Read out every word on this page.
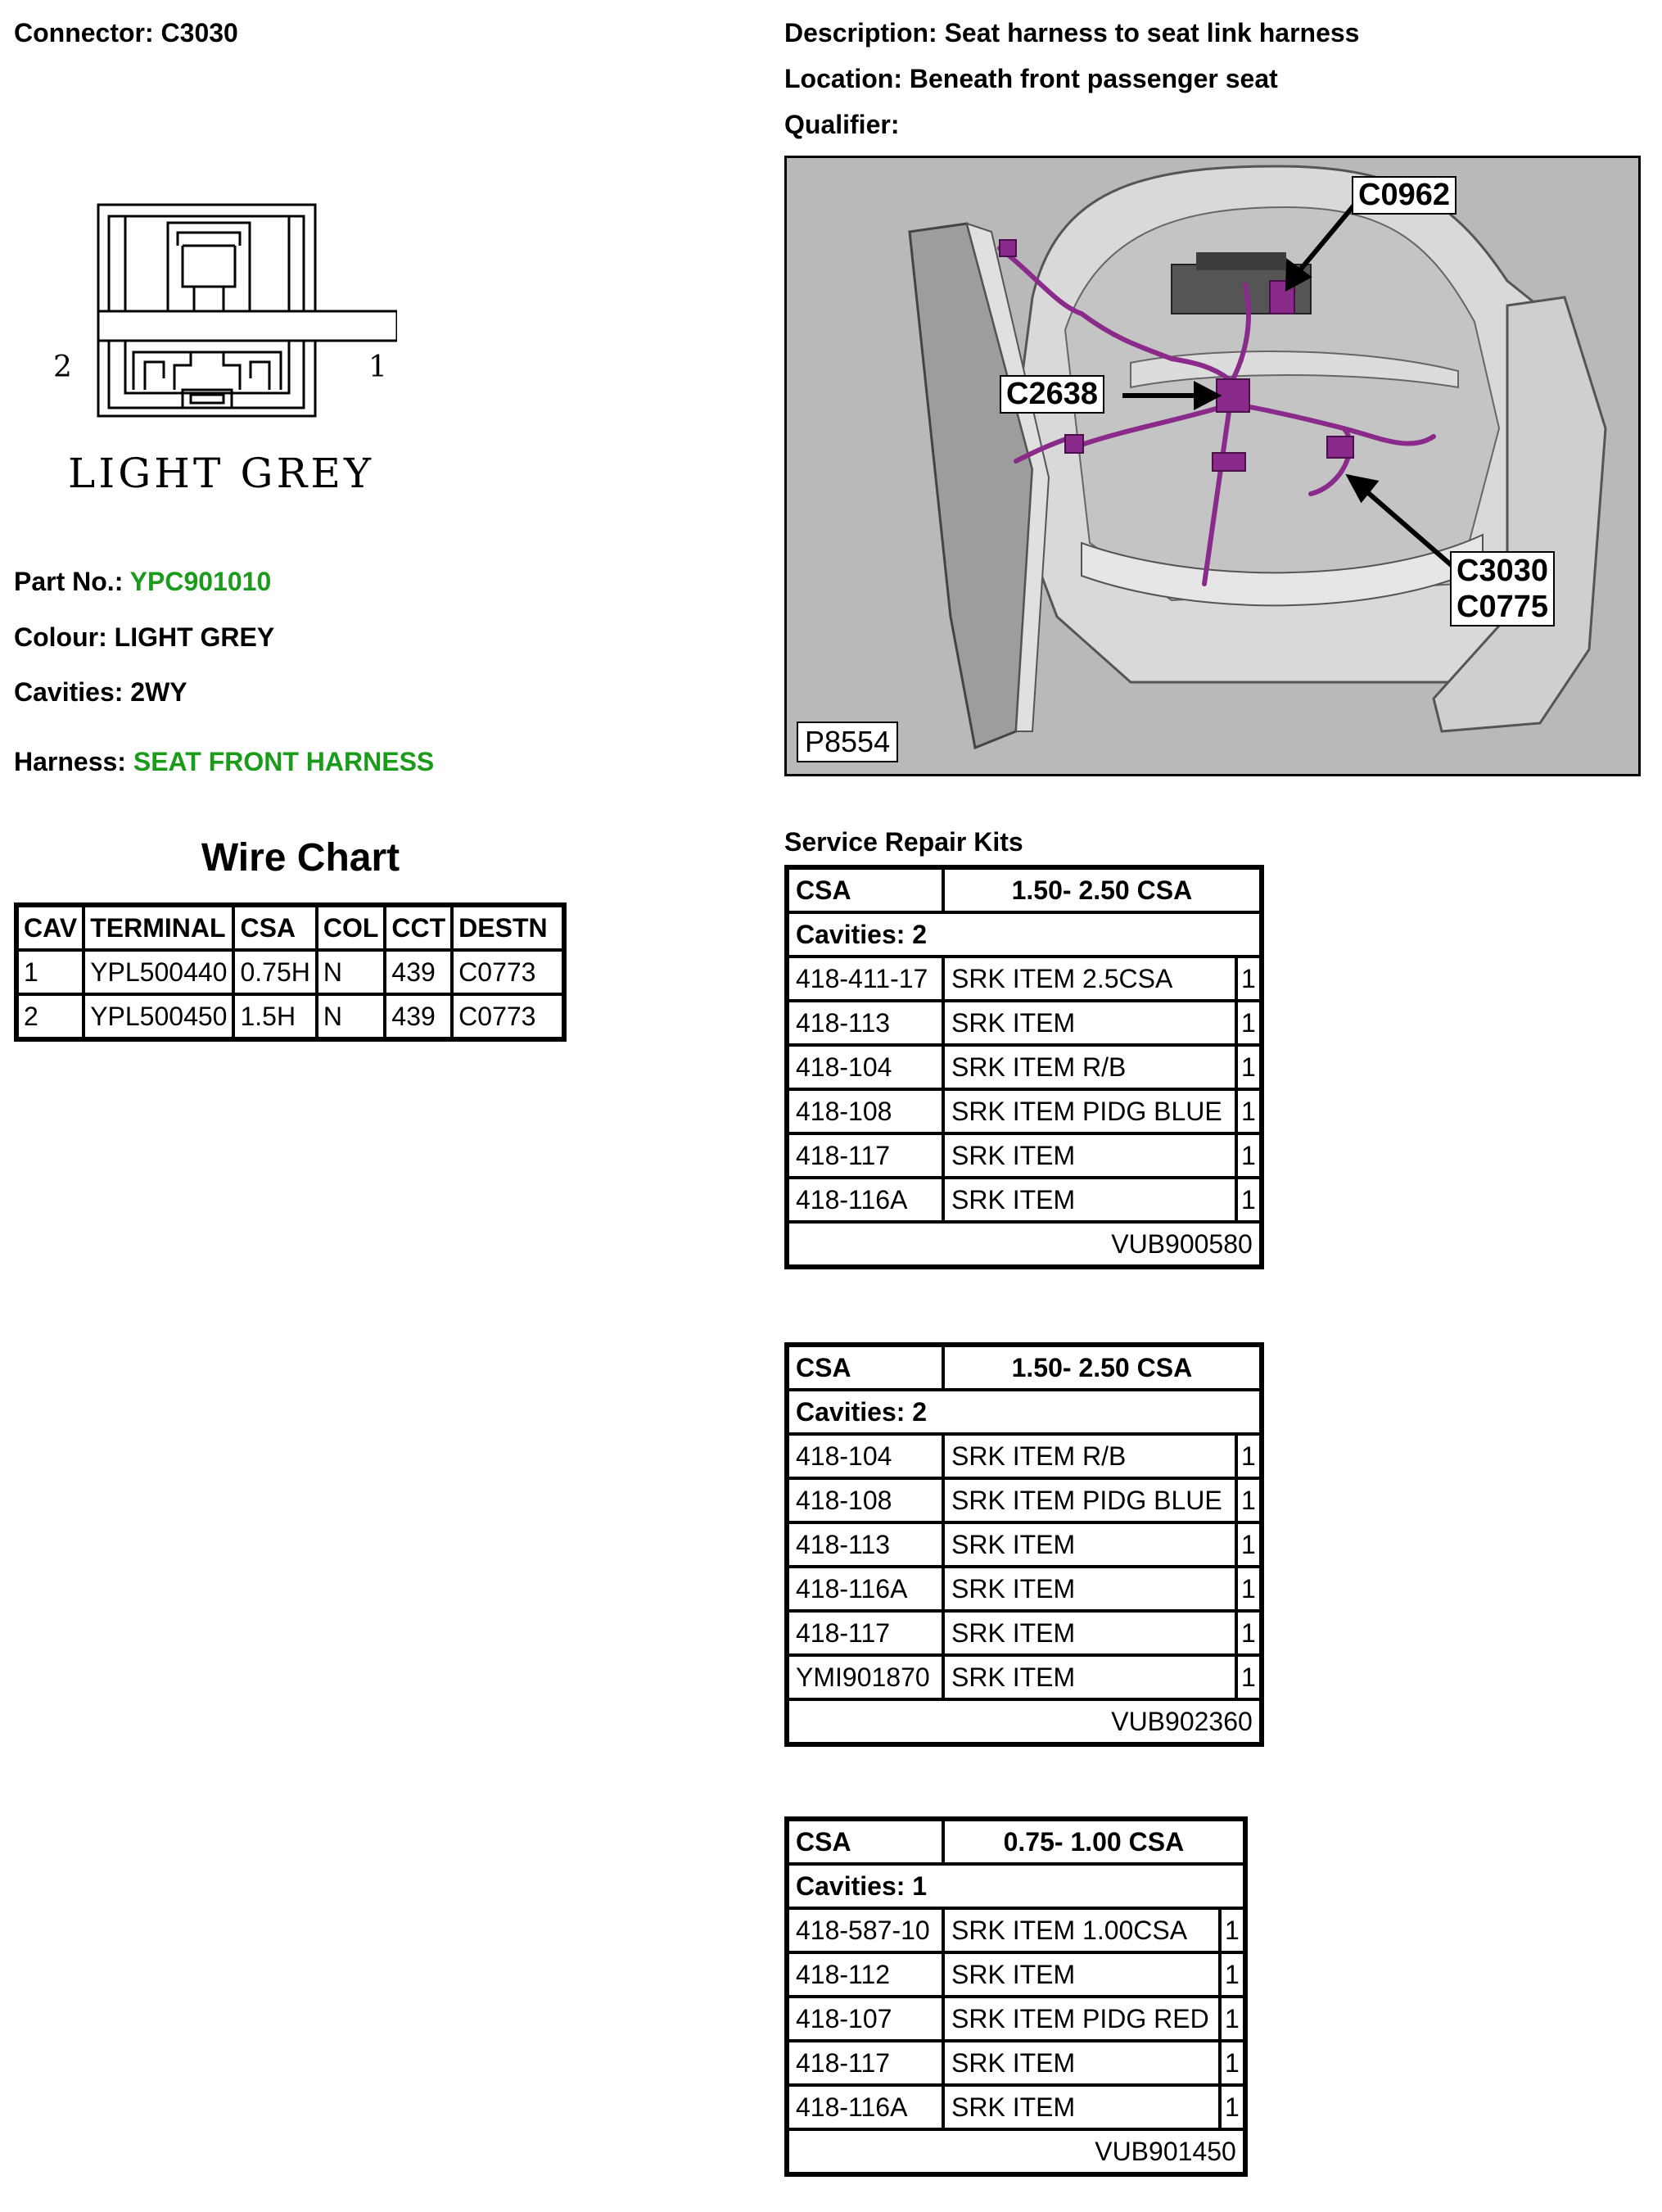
Connector: C3030	Description: Seat harness to seat link harness
Location: Beneath front passenger seat
Qualifier:
2	1
LIGHT GREY
Part No.: YPC901010
Colour: LIGHT GREY
Cavities: 2WY
Harness: SEAT FRONT HARNESS
Wire Chart
CAV	TERMINAL	CSA	COL	CCT	DESTN
1	YPL500440	0.75H	N	439	C0773
2	YPL500450	1.5H	N	439	C0773
C0962
C2638
C3030
C0775
P8554
Service Repair Kits
CSA	1.50- 2.50 CSA	
Cavities: 2		
418-411-17	SRK ITEM 2.5CSA	1
418-113	SRK ITEM	1
418-104	SRK ITEM R/B	1
418-108	SRK ITEM PIDG BLUE	1
418-117	SRK ITEM	1
418-116A	SRK ITEM	1
VUB900580		
CSA	1.50- 2.50 CSA	
Cavities: 2		
418-104	SRK ITEM R/B	1
418-108	SRK ITEM PIDG BLUE	1
418-113	SRK ITEM	1
418-116A	SRK ITEM	1
418-117	SRK ITEM	1
YMI901870	SRK ITEM	1
VUB902360		
CSA	0.75- 1.00 CSA	
Cavities: 1		
418-587-10	SRK ITEM 1.00CSA	1
418-112	SRK ITEM	1
418-107	SRK ITEM PIDG RED	1
418-117	SRK ITEM	1
418-116A	SRK ITEM	1
VUB901450		
